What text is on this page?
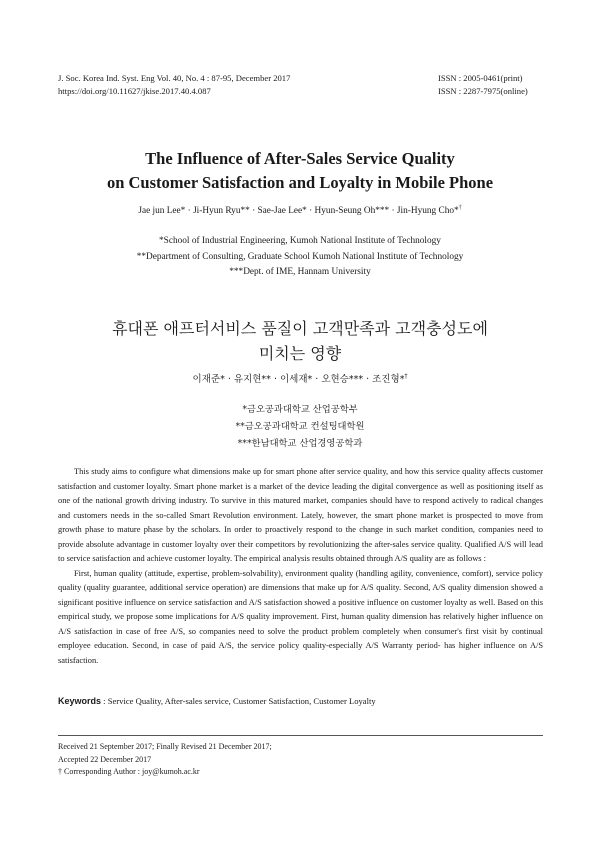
J. Soc. Korea Ind. Syst. Eng Vol. 40, No. 4 : 87-95, December 2017
https://doi.org/10.11627/jkise.2017.40.4.087
ISSN : 2005-0461(print)
ISSN : 2287-7975(online)
The Influence of After-Sales Service Quality
on Customer Satisfaction and Loyalty in Mobile Phone
Jae jun Lee* · Ji-Hyun Ryu** · Sae-Jae Lee* · Hyun-Seung Oh*** · Jin-Hyung Cho*†
*School of Industrial Engineering, Kumoh National Institute of Technology
**Department of Consulting, Graduate School Kumoh National Institute of Technology
***Dept. of IME, Hannam University
휴대폰 애프터서비스 품질이 고객만족과 고객충성도에
미치는 영향
이재준* · 유지현** · 이세재* · 오현승*** · 조진형*†
*금오공과대학교 산업공학부
**금오공과대학교 컨설팅대학원
***한남대학교 산업경영공학과

This study aims to configure what dimensions make up for smart phone after service quality, and how this service quality affects customer satisfaction and customer loyalty. Smart phone market is a market of the device leading the digital convergence as well as positioning itself as one of the national growth driving industry. To survive in this matured market, companies should have to respond actively to radical changes and customers needs in the so-called Smart Revolution environment. Lately, however, the smart phone market is prospected to move from growth phase to mature phase by the scholars. In order to proactively respond to the change in such market condition, companies need to provide absolute advantage in customer loyalty over their competitors by revolutionizing the after-sales service quality. Qualified A/S will lead to service satisfaction and achieve customer loyalty. The empirical analysis results obtained through A/S quality are as follows :

First, human quality (attitude, expertise, problem-solvability), environment quality (handling agility, convenience, comfort), service policy quality (quality guarantee, additional service operation) are dimensions that make up for A/S quality. Second, A/S quality dimension showed a significant positive influence on service satisfaction and A/S satisfaction showed a positive influence on customer loyalty as well. Based on this empirical study, we propose some implications for A/S quality improvement. First, human quality dimension has relatively higher influence on A/S satisfaction in case of free A/S, so companies need to solve the product problem completely when consumer's first visit by continual employee education. Second, in case of paid A/S, the service policy quality-especially A/S Warranty period- has higher influence on A/S satisfaction.

Keywords : Service Quality, After-sales service, Customer Satisfaction, Customer Loyalty
Received 21 September 2017; Finally Revised 21 December 2017;
Accepted 22 December 2017
† Corresponding Author : joy@kumoh.ac.kr
